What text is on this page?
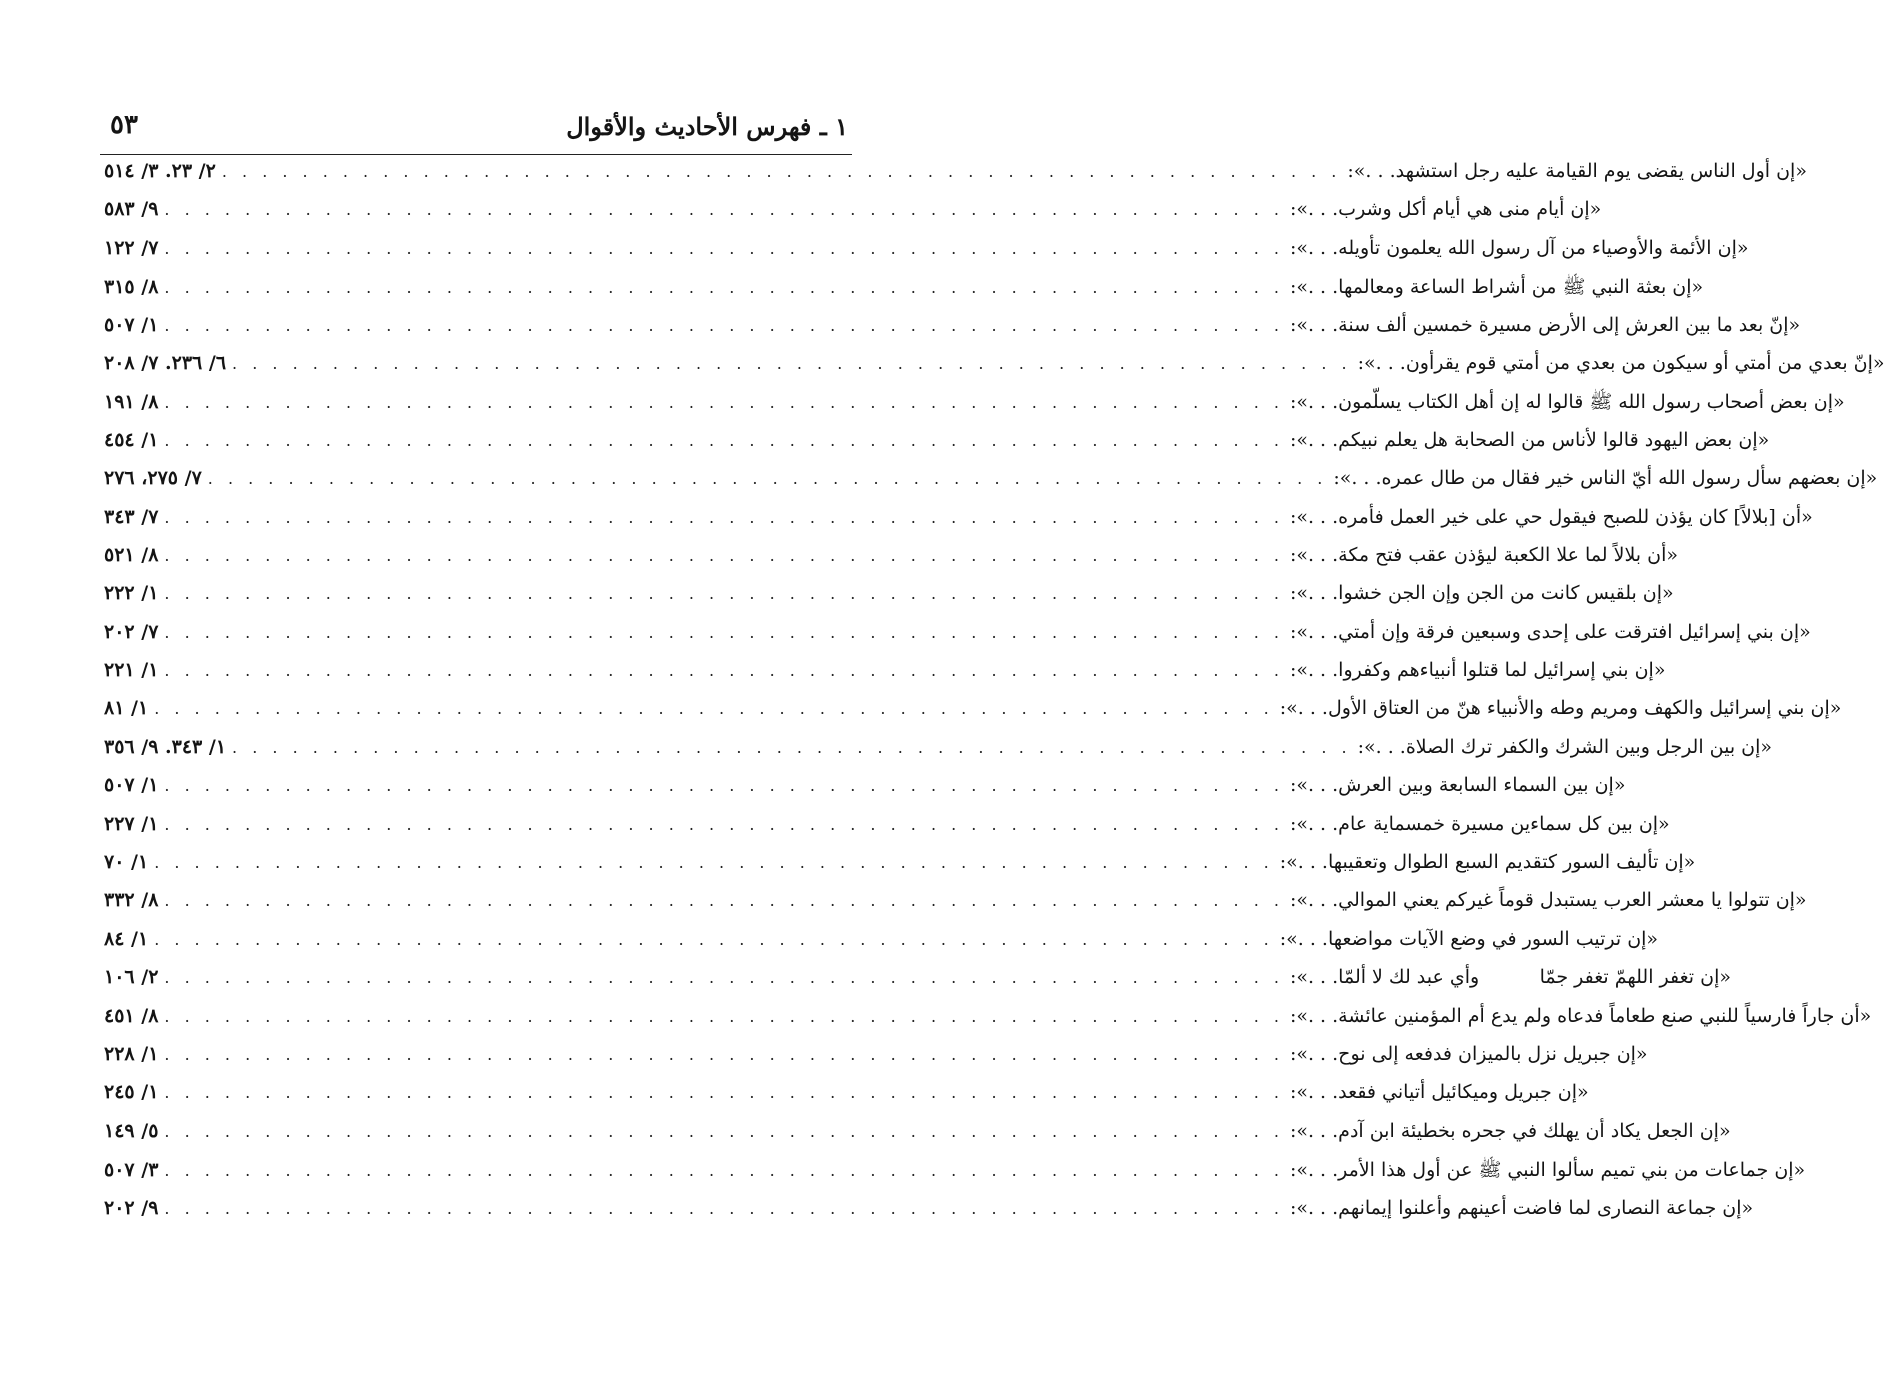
٥٣	١ ـ فهرس الأحاديث والأقوال
٢/ ٢٣. ٣/ ٥١٤ . . .	«إن أول الناس يقضى يوم القيامة عليه رجل استشهد. . .»:
٩/ ٥٨٣ . . .	«إن أيام منى هي أيام أكل وشرب. . .»:
٧/ ١٢٢ . . .	«إن الأئمة والأوصياء من آل رسول الله يعلمون تأويله. . .»:
٨/ ٣١٥ . . .	«إن بعثة النبي ﷺ من أشراط الساعة ومعالمها. . .»:
١/ ٥٠٧ . . .	«إنّ بعد ما بين العرش إلى الأرض مسيرة خمسين ألف سنة. . .»:
٦/ ٢٣٦. ٧/ ٢٠٨ . . .	«إنّ بعدي من أمتي أو سيكون من بعدي من أمتي قوم يقرأون. . .»:
٨/ ١٩١ . . .	«إن بعض أصحاب رسول الله ﷺ قالوا له إن أهل الكتاب يسلّمون. . .»:
١/ ٤٥٤ . . .	«إن بعض اليهود قالوا لأناس من الصحابة هل يعلم نبيكم. . .»:
٧/ ٢٧٥، ٢٧٦ . . .	«إن بعضهم سأل رسول الله أيّ الناس خير فقال من طال عمره. . .»:
٧/ ٣٤٣ . . .	«أن [بلالاً] كان يؤذن للصبح فيقول حي على خير العمل فأمره. . .»:
٨/ ٥٢١ . . .	«أن بلالاً لما علا الكعبة ليؤذن عقب فتح مكة. . .»:
١/ ٢٢٢ . . .	«إن بلقيس كانت من الجن وإن الجن خشوا. . .»:
٧/ ٢٠٢ . . .	«إن بني إسرائيل افترقت على إحدى وسبعين فرقة وإن أمتي. . .»:
١/ ٢٢١ . . .	«إن بني إسرائيل لما قتلوا أنبياءهم وكفروا. . .»:
١/ ٨١ . . .	«إن بني إسرائيل والكهف ومريم وطه والأنبياء هنّ من العتاق الأول. . .»:
١/ ٣٤٣. ٩/ ٣٥٦ . . .	«إن بين الرجل وبين الشرك والكفر ترك الصلاة. . .»:
١/ ٥٠٧ . . .	«إن بين السماء السابعة وبين العرش. . .»:
١/ ٢٢٧ . . .	«إن بين كل سماءين مسيرة خمسماية عام. . .»:
١/ ٧٠ . . .	«إن تأليف السور كتقديم السبع الطوال وتعقيبها. . .»:
٨/ ٣٣٢ . . .	«إن تتولوا يا معشر العرب يستبدل قوماً غيركم يعني الموالي. . .»:
١/ ٨٤ . . .	«إن ترتيب السور في وضع الآيات مواضعها. . .»:
٢/ ١٠٦ . . .	«إن تغفر اللهمّ تغفر جمّا          وأي عبد لك لا ألمّا. . .»:
٨/ ٤٥١ . . .	«أن جاراً فارسياً للنبي صنع طعاماً فدعاه ولم يدع أم المؤمنين عائشة. . .»:
١/ ٢٢٨ . . .	«إن جبريل نزل بالميزان فدفعه إلى نوح. . .»:
١/ ٢٤٥ . . .	«إن جبريل وميكائيل أتياني فقعد. . .»:
٥/ ١٤٩ . . .	«إن الجعل يكاد أن يهلك في جحره بخطيئة ابن آدم. . .»:
٣/ ٥٠٧ . . .	«إن جماعات من بني تميم سألوا النبي ﷺ عن أول هذا الأمر. . .»:
٩/ ٢٠٢ . . .	«إن جماعة النصارى لما فاضت أعينهم وأعلنوا إيمانهم. . .»:
